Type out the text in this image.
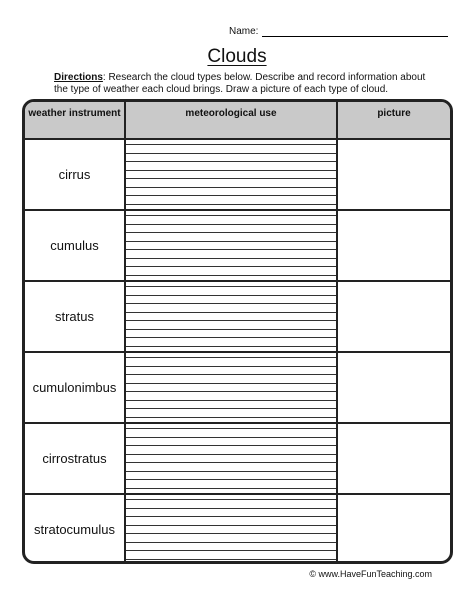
Name:
Clouds
Directions: Research the cloud types below. Describe and record information about the type of weather each cloud brings. Draw a picture of each type of cloud.
weather instrument	meteorological use	picture
cirrus
cumulus
stratus
cumulonimbus
cirrostratus
stratocumulus
© www.HaveFunTeaching.com
